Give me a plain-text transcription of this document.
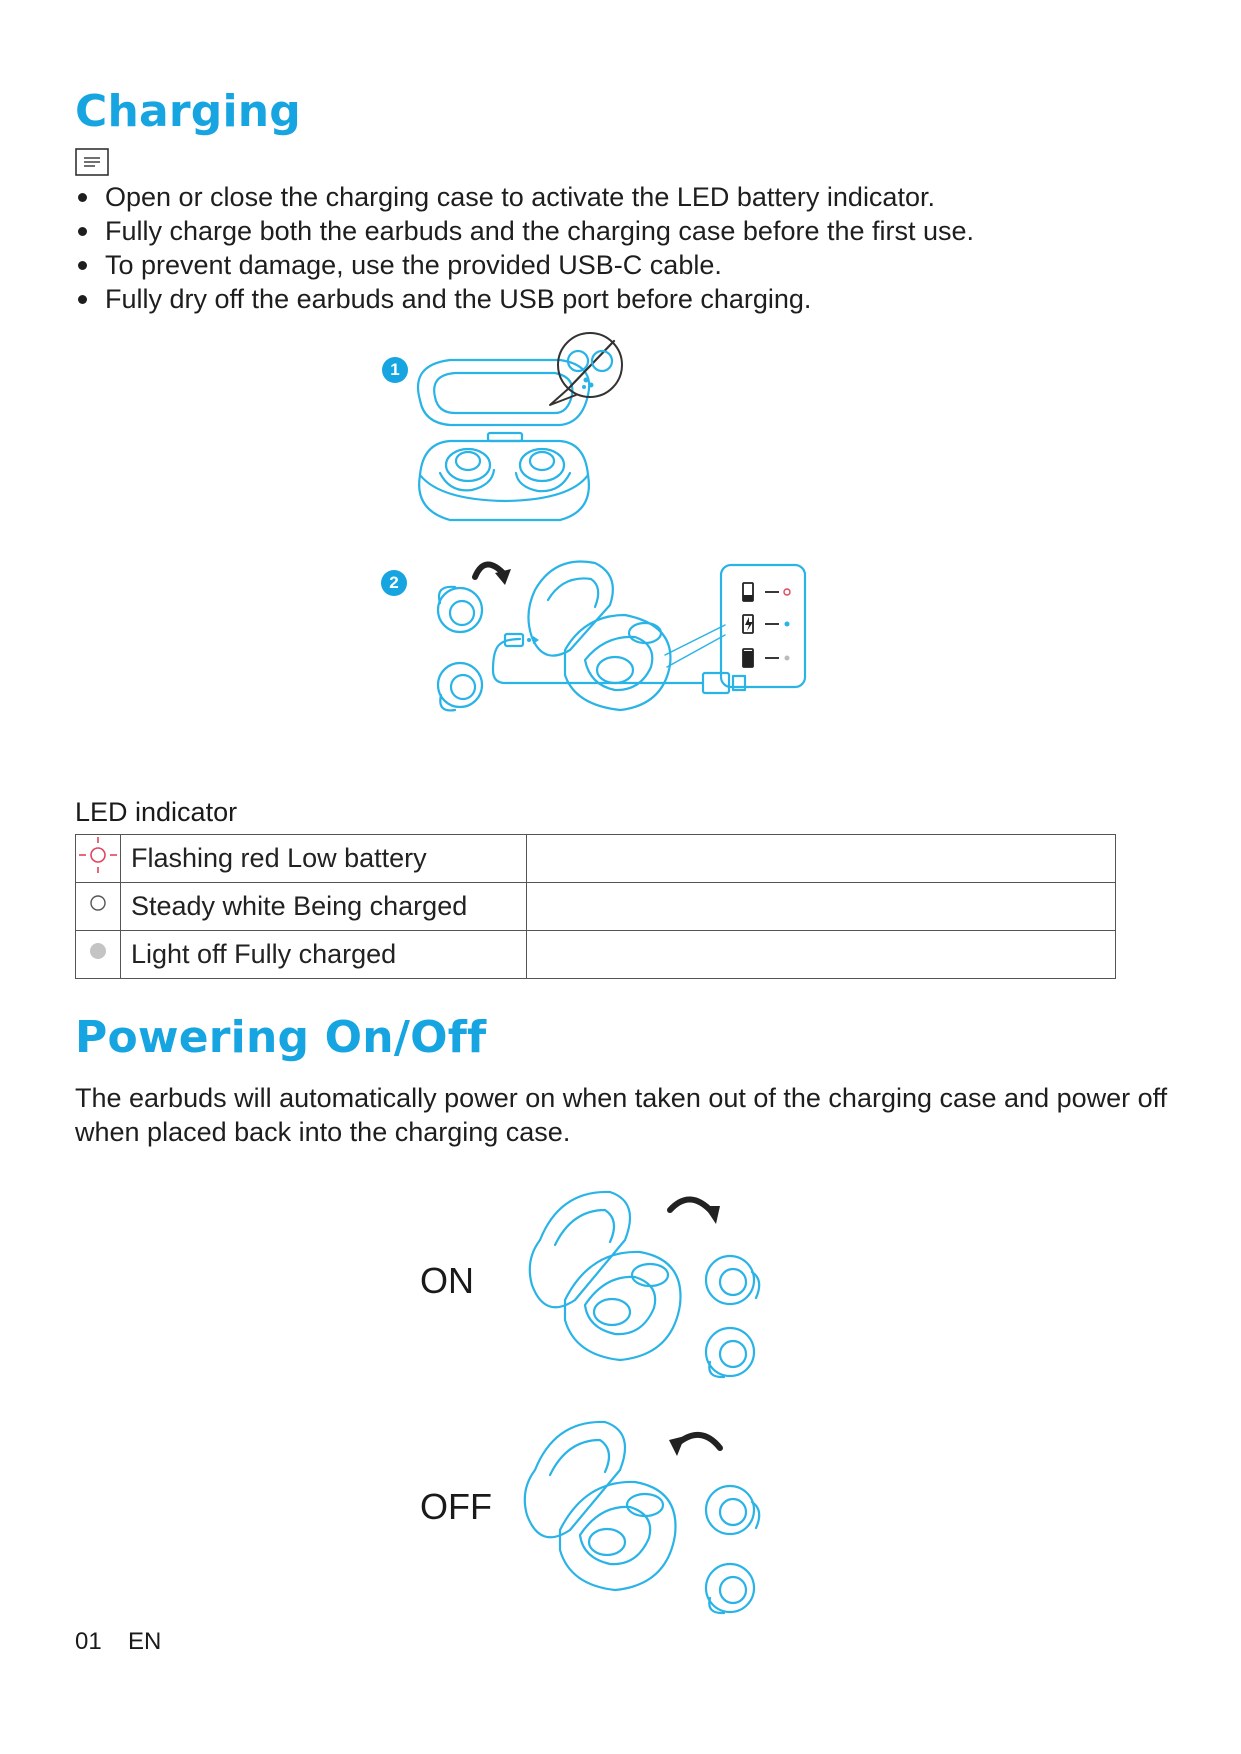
Charging
Open or close the charging case to activate the LED battery indicator.
Fully charge both the earbuds and the charging case before the first use.
To prevent damage, use the provided USB-C cable.
Fully dry off the earbuds and the USB port before charging.
1
2
LED indicator
	Flashing red Low battery	
	Steady white Being charged	
	Light off Fully charged	
Powering On/Off
The earbuds will automatically power on when taken out of the charging case and power off when placed back into the charging case.
ON
OFF
01 EN
